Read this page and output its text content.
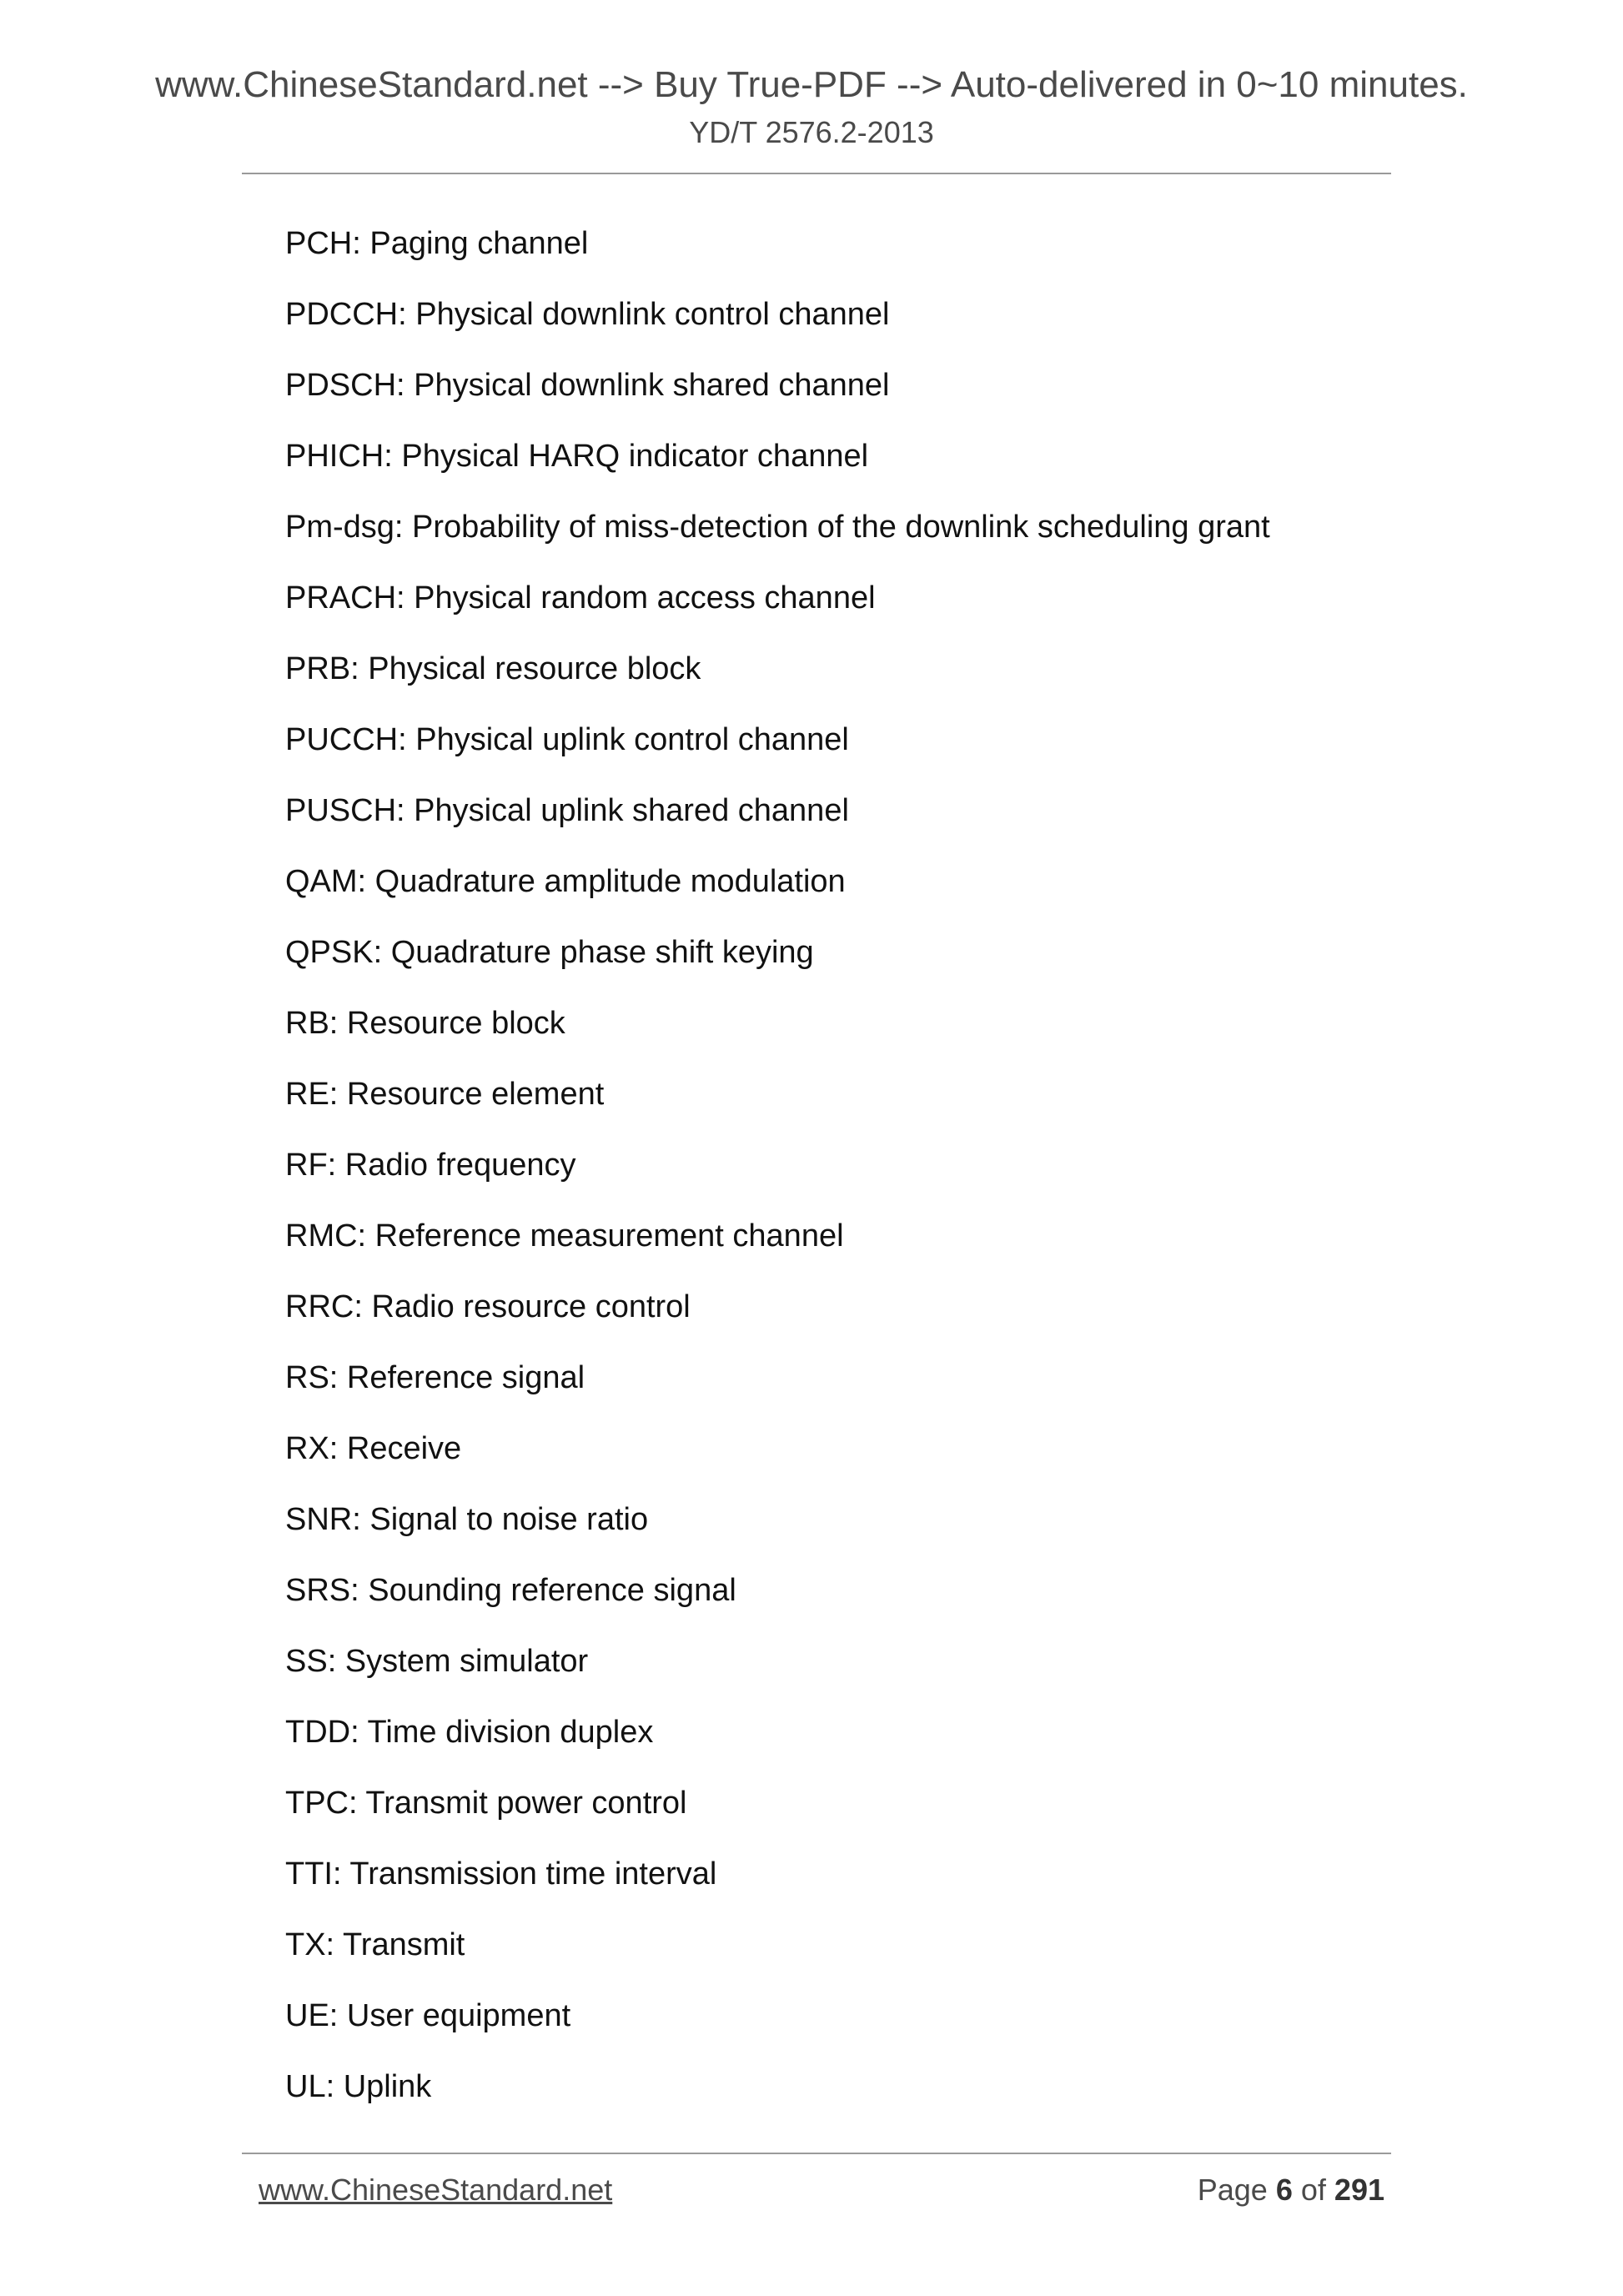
www.ChineseStandard.net --> Buy True-PDF --> Auto-delivered in 0~10 minutes.
YD/T 2576.2-2013
PCH: Paging channel
PDCCH: Physical downlink control channel
PDSCH: Physical downlink shared channel
PHICH: Physical HARQ indicator channel
Pm-dsg: Probability of miss-detection of the downlink scheduling grant
PRACH: Physical random access channel
PRB: Physical resource block
PUCCH: Physical uplink control channel
PUSCH: Physical uplink shared channel
QAM: Quadrature amplitude modulation
QPSK: Quadrature phase shift keying
RB: Resource block
RE: Resource element
RF: Radio frequency
RMC: Reference measurement channel
RRC: Radio resource control
RS: Reference signal
RX: Receive
SNR: Signal to noise ratio
SRS: Sounding reference signal
SS: System simulator
TDD: Time division duplex
TPC: Transmit power control
TTI: Transmission time interval
TX: Transmit
UE: User equipment
UL: Uplink
www.ChineseStandard.net	Page 6 of 291
